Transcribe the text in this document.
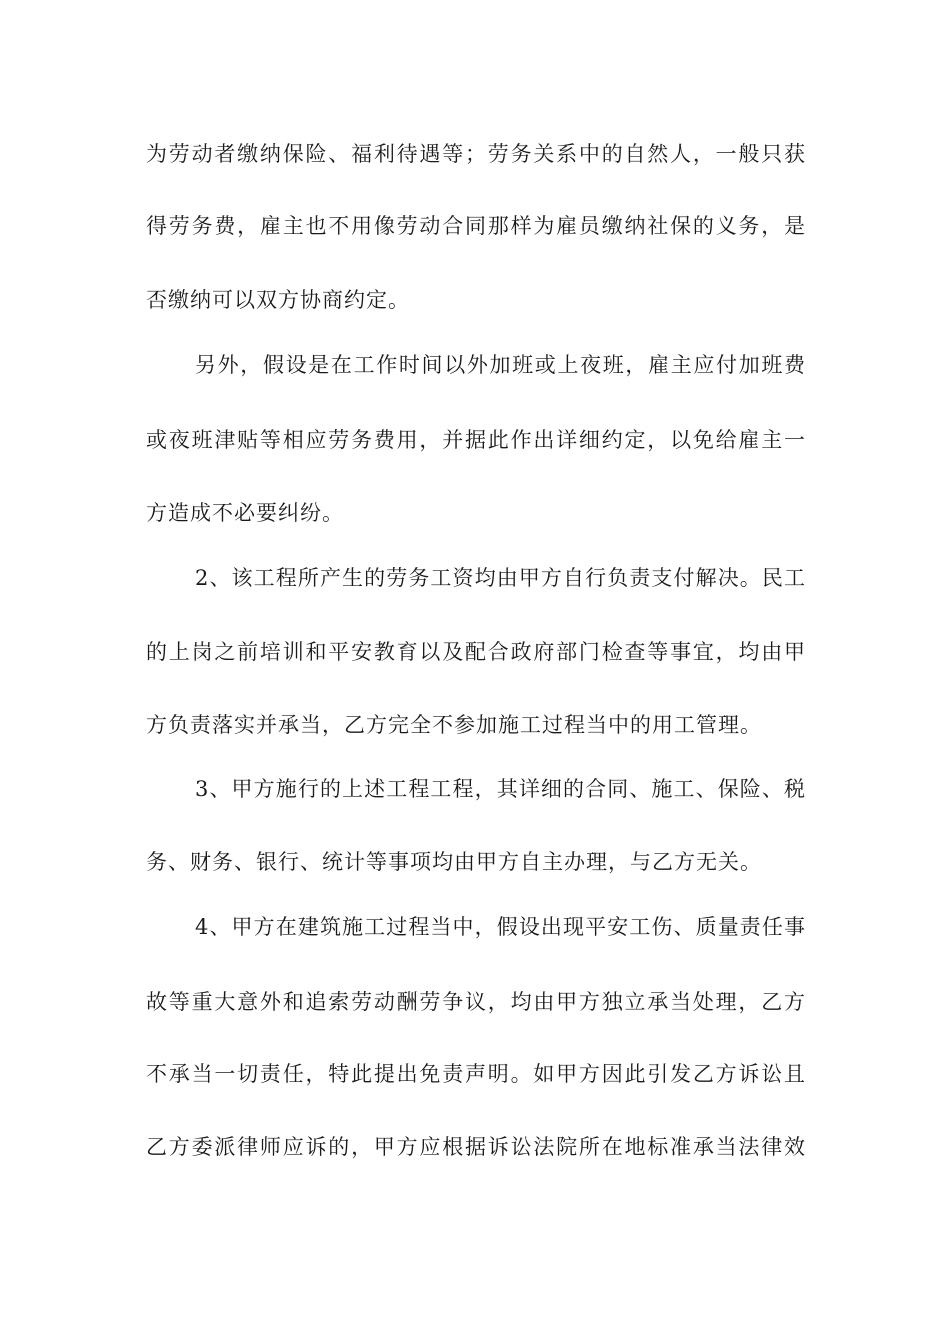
为劳动者缴纳保险、福利待遇等；劳务关系中的自然人，一般只获
得劳务费，雇主也不用像劳动合同那样为雇员缴纳社保的义务，是
否缴纳可以双方协商约定。
另外，假设是在工作时间以外加班或上夜班，雇主应付加班费
或夜班津贴等相应劳务费用，并据此作出详细约定，以免给雇主一
方造成不必要纠纷。
2、该工程所产生的劳务工资均由甲方自行负责支付解决。民工
的上岗之前培训和平安教育以及配合政府部门检查等事宜，均由甲
方负责落实并承当，乙方完全不参加施工过程当中的用工管理。
3、甲方施行的上述工程工程，其详细的合同、施工、保险、税
务、财务、银行、统计等事项均由甲方自主办理，与乙方无关。
4、甲方在建筑施工过程当中，假设出现平安工伤、质量责任事
故等重大意外和追索劳动酬劳争议，均由甲方独立承当处理，乙方
不承当一切责任，特此提出免责声明。如甲方因此引发乙方诉讼且
乙方委派律师应诉的，甲方应根据诉讼法院所在地标准承当法律效
